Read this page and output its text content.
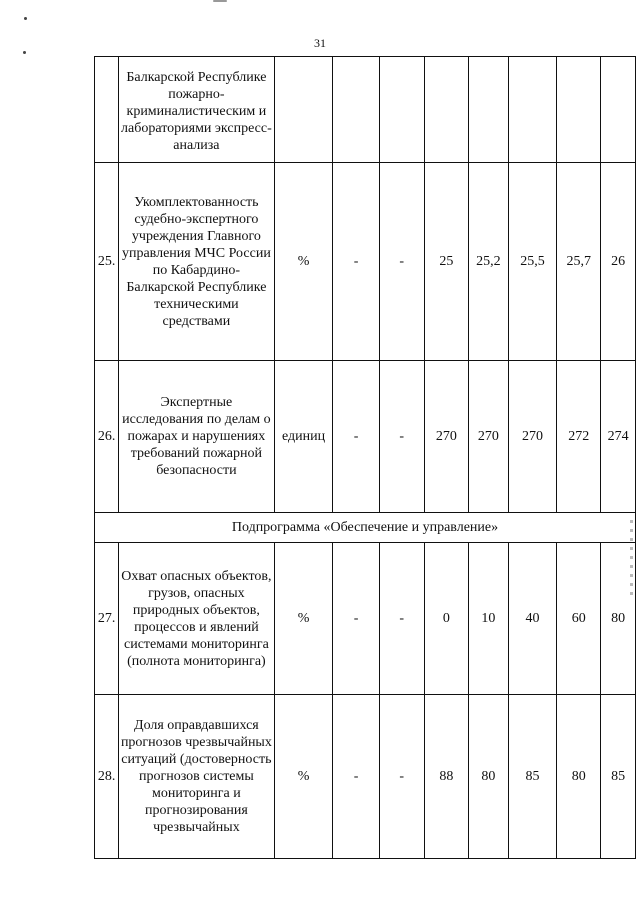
31
	Балкарской Республике пожарно-криминалистическим и лабораториями экспресс-анализа								
25.	Укомплектованность судебно-экспертного учреждения Главного управления МЧС России по Кабардино-Балкарской Республике техническими средствами	%	-	-	25	25,2	25,5	25,7	26
26.	Экспертные исследования по делам о пожарах и нарушениях требований пожарной безопасности	единиц	-	-	270	270	270	272	274
Подпрограмма «Обеспечение и управление»									
27.	Охват опасных объектов, грузов, опасных природных объектов, процессов и явлений системами мониторинга (полнота мониторинга)	%	-	-	0	10	40	60	80
28.	Доля оправдавшихся прогнозов чрезвычайных ситуаций (достоверность прогнозов системы мониторинга и прогнозирования чрезвычайных	%	-	-	88	80	85	80	85
